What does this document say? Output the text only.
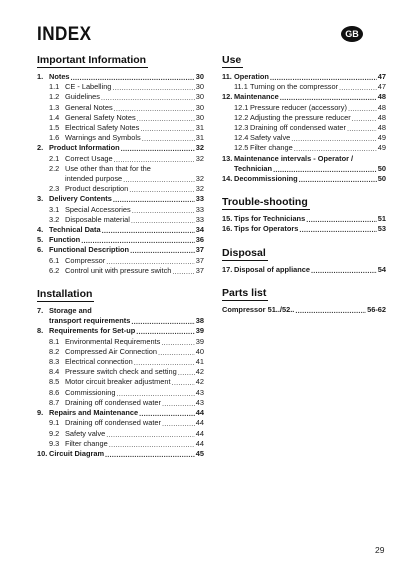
INDEX	GB
Important Information
1. Notes .....	30
1.1 CE - Labelling .....	30
1.2 Guidelines .....	30
1.3 General Notes .....	30
1.4 General Safety Notes .....	30
1.5 Electrical Safety Notes .....	31
1.6 Warnings and Symbols .....	31
2. Product Information .....	32
2.1 Correct Usage .....	32
2.2 Use other than that for the
intended purpose .....	32
2.3 Product description .....	32
3. Delivery Contents .....	33
3.1 Special Accessories .....	33
3.2 Disposable material .....	33
4. Technical Data .....	34
5. Function .....	36
6. Functional Description .....	37
6.1 Compressor .....	37
6.2 Control unit with pressure switch .....	37
Installation
7. Storage and
transport requirements .....	38
8. Requirements for Set-up .....	39
8.1 Environmental Requirements .....	39
8.2 Compressed Air Connection .....	40
8.3 Electrical connection .....	41
8.4 Pressure switch check and setting .....	42
8.5 Motor circuit breaker adjustment .....	42
8.6 Commissioning .....	43
8.7 Draining off condensed water .....	43
9. Repairs and Maintenance .....	44
9.1 Draining off condensed water .....	44
9.2 Safety valve .....	44
9.3 Filter change .....	44
10. Circuit Diagram .....	45
Use
11. Operation .....	47
11.1 Turning on the compressor .....	47
12. Maintenance .....	48
12.1 Pressure reducer (accessory) .....	48
12.2 Adjusting the pressure reducer .....	48
12.3 Draining off condensed water .....	48
12.4 Safety valve .....	49
12.5 Filter change .....	49
13. Maintenance intervals - Operator /
Technician .....	50
14. Decommissioning .....	50
Trouble-shooting
15. Tips for Technicians .....	51
16. Tips for Operators .....	53
Disposal
17. Disposal of appliance .....	54
Parts list
Compressor 51../52.. .....	56-62
29
